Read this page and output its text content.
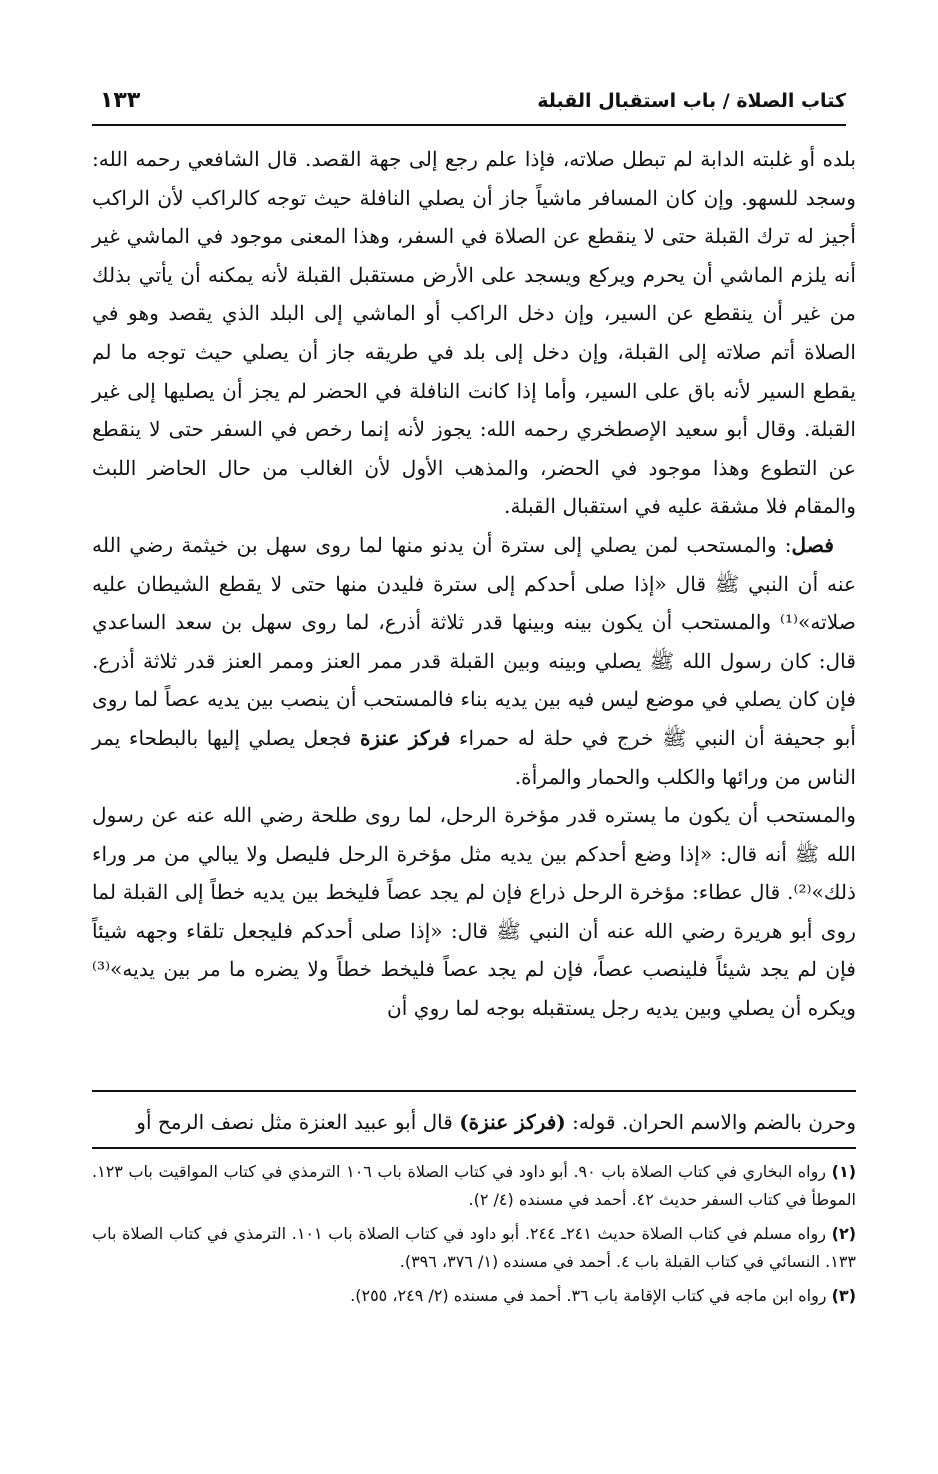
كتاب الصلاة / باب استقبال القبلة
١٣٣

بلده أو غلبته الدابة لم تبطل صلاته، فإذا علم رجع إلى جهة القصد. قال الشافعي رحمه الله: وسجد للسهو. وإن كان المسافر ماشياً جاز أن يصلي النافلة حيث توجه كالراكب لأن الراكب أجيز له ترك القبلة حتى لا ينقطع عن الصلاة في السفر، وهذا المعنى موجود في الماشي غير أنه يلزم الماشي أن يحرم ويركع ويسجد على الأرض مستقبل القبلة لأنه يمكنه أن يأتي بذلك من غير أن ينقطع عن السير، وإن دخل الراكب أو الماشي إلى البلد الذي يقصد وهو في الصلاة أتم صلاته إلى القبلة، وإن دخل إلى بلد في طريقه جاز أن يصلي حيث توجه ما لم يقطع السير لأنه باق على السير، وأما إذا كانت النافلة في الحضر لم يجز أن يصليها إلى غير القبلة. وقال أبو سعيد الإصطخري رحمه الله: يجوز لأنه إنما رخص في السفر حتى لا ينقطع عن التطوع وهذا موجود في الحضر، والمذهب الأول لأن الغالب من حال الحاضر اللبث والمقام فلا مشقة عليه في استقبال القبلة.

فصل: والمستحب لمن يصلي إلى سترة أن يدنو منها لما روى سهل بن خيثمة رضي الله عنه أن النبي ﷺ قال «إذا صلى أحدكم إلى سترة فليدن منها حتى لا يقطع الشيطان عليه صلاته»⁽¹⁾ والمستحب أن يكون بينه وبينها قدر ثلاثة أذرع، لما روى سهل بن سعد الساعدي قال: كان رسول الله ﷺ يصلي وبينه وبين القبلة قدر ممر العنز وممر العنز قدر ثلاثة أذرع. فإن كان يصلي في موضع ليس فيه بين يديه بناء فالمستحب أن ينصب بين يديه عصاً لما روى أبو جحيفة أن النبي ﷺ خرج في حلة له حمراء فركز عنزة فجعل يصلي إليها بالبطحاء يمر الناس من ورائها والكلب والحمار والمرأة.

والمستحب أن يكون ما يستره قدر مؤخرة الرحل، لما روى طلحة رضي الله عنه عن رسول الله ﷺ أنه قال: «إذا وضع أحدكم بين يديه مثل مؤخرة الرحل فليصل ولا يبالي من مر وراء ذلك»⁽²⁾. قال عطاء: مؤخرة الرحل ذراع فإن لم يجد عصاً فليخط بين يديه خطاً إلى القبلة لما روى أبو هريرة رضي الله عنه أن النبي ﷺ قال: «إذا صلى أحدكم فليجعل تلقاء وجهه شيئاً فإن لم يجد شيئاً فلينصب عصاً، فإن لم يجد عصاً فليخط خطاً ولا يضره ما مر بين يديه»⁽³⁾ ويكره أن يصلي وبين يديه رجل يستقبله بوجه لما روي أن

وحرن بالضم والاسم الحران. قوله: (فركز عنزة) قال أبو عبيد العنزة مثل نصف الرمح أو

(١) رواه البخاري في كتاب الصلاة باب ٩٠. أبو داود في كتاب الصلاة باب ١٠٦ الترمذي في كتاب المواقيت باب ١٢٣. الموطأ في كتاب السفر حديث ٤٢. أحمد في مسنده (٤/ ٢).

(٢) رواه مسلم في كتاب الصلاة حديث ٢٤١ـ ٢٤٤. أبو داود في كتاب الصلاة باب ١٠١. الترمذي في كتاب الصلاة باب ١٣٣. النسائي في كتاب القبلة باب ٤. أحمد في مسنده (١/ ٣٧٦، ٣٩٦).

(٣) رواه ابن ماجه في كتاب الإقامة باب ٣٦. أحمد في مسنده (٢/ ٢٤٩، ٢٥٥).
